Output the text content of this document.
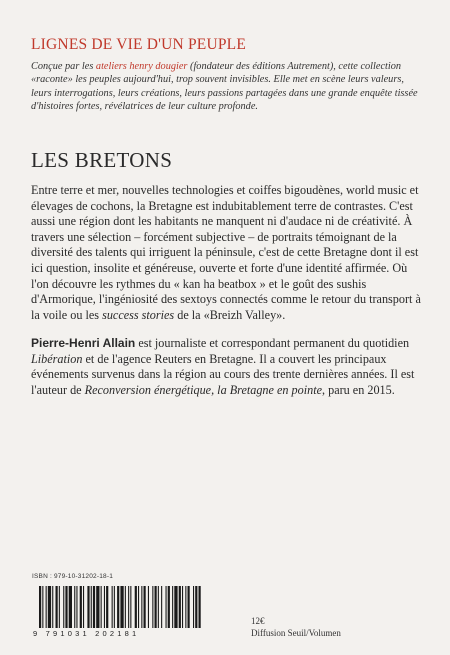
LIGNES DE VIE D'UN PEUPLE

Conçue par les ateliers henry dougier (fondateur des éditions Autrement), cette collection «raconte» les peuples aujourd'hui, trop souvent invisibles. Elle met en scène leurs valeurs, leurs interrogations, leurs créations, leurs passions partagées dans une grande enquête tissée d'histoires fortes, révélatrices de leur culture profonde.

LES BRETONS

Entre terre et mer, nouvelles technologies et coiffes bigoudènes, world music et élevages de cochons, la Bretagne est indubitablement terre de contrastes. C'est aussi une région dont les habitants ne manquent ni d'audace ni de créativité. À travers une sélection – forcément subjective – de portraits témoignant de la diversité des talents qui irriguent la péninsule, c'est de cette Bretagne dont il est ici question, insolite et généreuse, ouverte et forte d'une identité affirmée. Où l'on découvre les rythmes du « kan ha beatbox » et le goût des sushis d'Armorique, l'ingéniosité des sextoys connectés comme le retour du transport à la voile ou les success stories de la «Breizh Valley».

Pierre-Henri Allain est journaliste et correspondant permanent du quotidien Libération et de l'agence Reuters en Bretagne. Il a couvert les principaux événements survenus dans la région au cours des trente dernières années. Il est l'auteur de Reconversion énergétique, la Bretagne en pointe, paru en 2015.

ISBN : 979-10-31202-18-1
9 791031 202181
12€
Diffusion Seuil/Volumen
